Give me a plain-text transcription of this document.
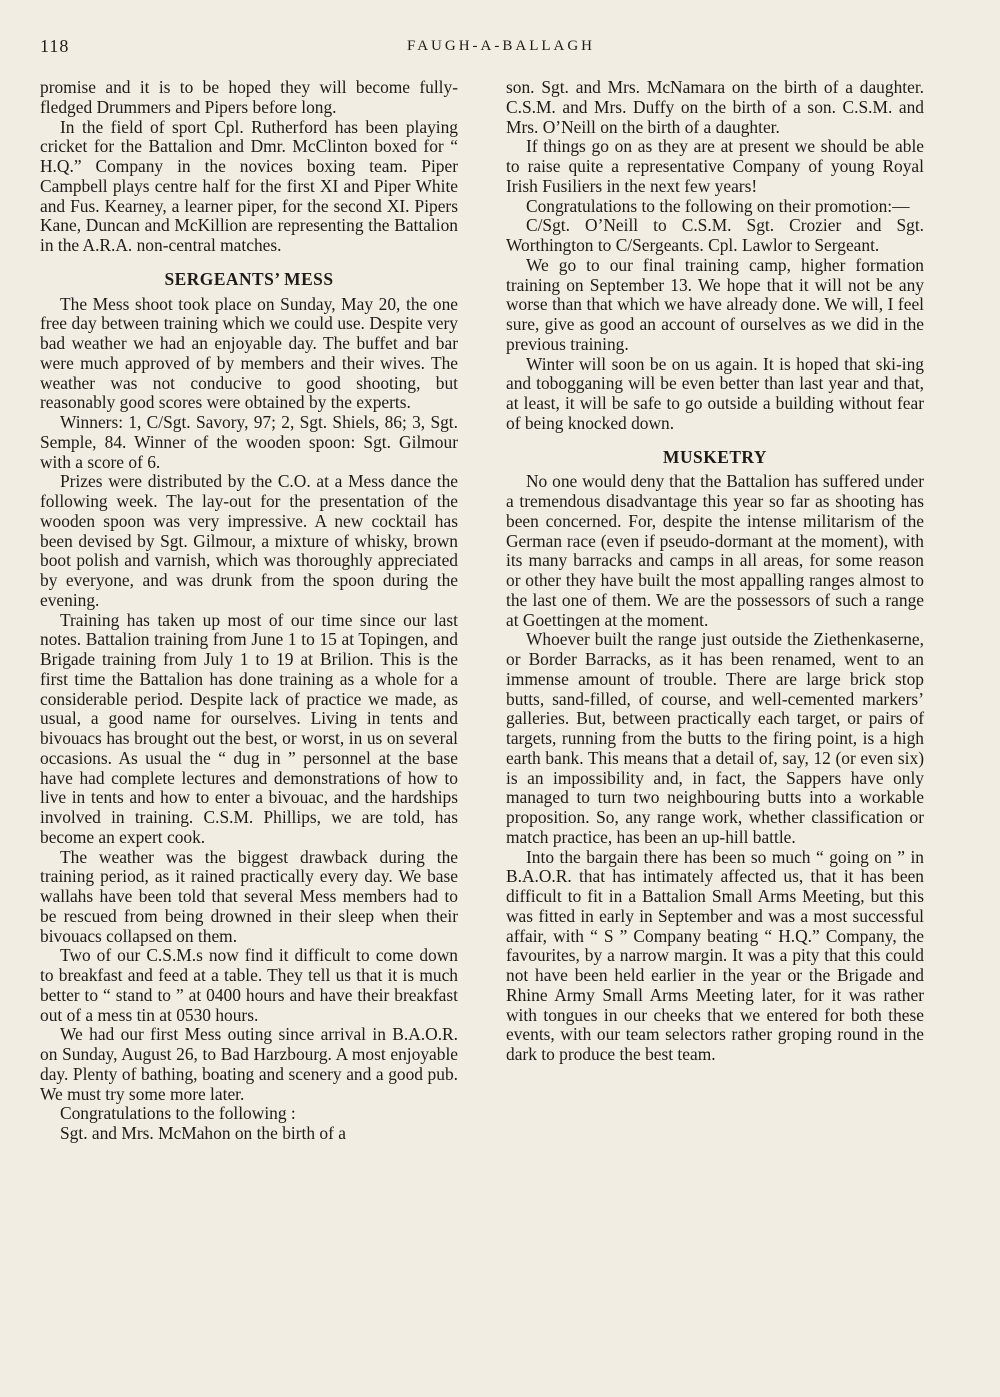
118	FAUGH-A-BALLAGH

promise and it is to be hoped they will become fully-fledged Drummers and Pipers before long.

In the field of sport Cpl. Rutherford has been playing cricket for the Battalion and Dmr. McClinton boxed for “ H.Q.” Company in the novices boxing team. Piper Campbell plays centre half for the first XI and Piper White and Fus. Kearney, a learner piper, for the second XI. Pipers Kane, Duncan and McKillion are representing the Battalion in the A.R.A. non-central matches.

SERGEANTS’ MESS

The Mess shoot took place on Sunday, May 20, the one free day between training which we could use. Despite very bad weather we had an enjoyable day. The buffet and bar were much approved of by members and their wives. The weather was not conducive to good shooting, but reasonably good scores were obtained by the experts.

Winners: 1, C/Sgt. Savory, 97; 2, Sgt. Shiels, 86; 3, Sgt. Semple, 84. Winner of the wooden spoon: Sgt. Gilmour with a score of 6.

Prizes were distributed by the C.O. at a Mess dance the following week. The lay-out for the presentation of the wooden spoon was very impressive. A new cocktail has been devised by Sgt. Gilmour, a mixture of whisky, brown boot polish and varnish, which was thoroughly appreciated by everyone, and was drunk from the spoon during the evening.

Training has taken up most of our time since our last notes. Battalion training from June 1 to 15 at Topingen, and Brigade training from July 1 to 19 at Brilion. This is the first time the Battalion has done training as a whole for a considerable period. Despite lack of practice we made, as usual, a good name for ourselves. Living in tents and bivouacs has brought out the best, or worst, in us on several occasions. As usual the “ dug in ” personnel at the base have had complete lectures and demonstrations of how to live in tents and how to enter a bivouac, and the hardships involved in training. C.S.M. Phillips, we are told, has become an expert cook.

The weather was the biggest drawback during the training period, as it rained practically every day. We base wallahs have been told that several Mess members had to be rescued from being drowned in their sleep when their bivouacs collapsed on them.

Two of our C.S.M.s now find it difficult to come down to breakfast and feed at a table. They tell us that it is much better to “ stand to ” at 0400 hours and have their breakfast out of a mess tin at 0530 hours.

We had our first Mess outing since arrival in B.A.O.R. on Sunday, August 26, to Bad Harzbourg. A most enjoyable day. Plenty of bathing, boating and scenery and a good pub. We must try some more later.

Congratulations to the following :

Sgt. and Mrs. McMahon on the birth of a

son. Sgt. and Mrs. McNamara on the birth of a daughter. C.S.M. and Mrs. Duffy on the birth of a son. C.S.M. and Mrs. O’Neill on the birth of a daughter.

If things go on as they are at present we should be able to raise quite a representative Company of young Royal Irish Fusiliers in the next few years!

Congratulations to the following on their promotion:—

C/Sgt. O’Neill to C.S.M. Sgt. Crozier and Sgt. Worthington to C/Sergeants. Cpl. Lawlor to Sergeant.

We go to our final training camp, higher formation training on September 13. We hope that it will not be any worse than that which we have already done. We will, I feel sure, give as good an account of ourselves as we did in the previous training.

Winter will soon be on us again. It is hoped that ski-ing and tobogganing will be even better than last year and that, at least, it will be safe to go outside a building without fear of being knocked down.

MUSKETRY

No one would deny that the Battalion has suffered under a tremendous disadvantage this year so far as shooting has been concerned. For, despite the intense militarism of the German race (even if pseudo-dormant at the moment), with its many barracks and camps in all areas, for some reason or other they have built the most appalling ranges almost to the last one of them. We are the possessors of such a range at Goettingen at the moment.

Whoever built the range just outside the Ziethenkaserne, or Border Barracks, as it has been renamed, went to an immense amount of trouble. There are large brick stop butts, sand-filled, of course, and well-cemented markers’ galleries. But, between practically each target, or pairs of targets, running from the butts to the firing point, is a high earth bank. This means that a detail of, say, 12 (or even six) is an impossibility and, in fact, the Sappers have only managed to turn two neighbouring butts into a workable proposition. So, any range work, whether classification or match practice, has been an up-hill battle.

Into the bargain there has been so much “ going on ” in B.A.O.R. that has intimately affected us, that it has been difficult to fit in a Battalion Small Arms Meeting, but this was fitted in early in September and was a most successful affair, with “ S ” Company beating “ H.Q.” Company, the favourites, by a narrow margin. It was a pity that this could not have been held earlier in the year or the Brigade and Rhine Army Small Arms Meeting later, for it was rather with tongues in our cheeks that we entered for both these events, with our team selectors rather groping round in the dark to produce the best team.
